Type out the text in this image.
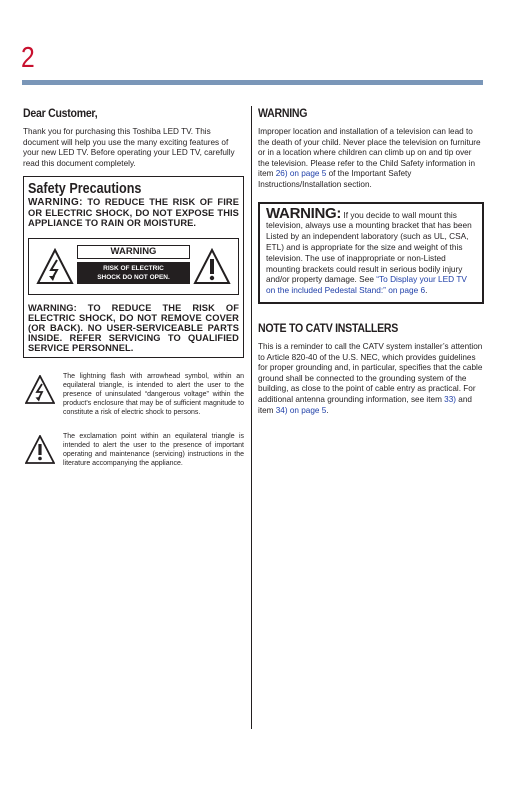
2
Dear Customer,

Thank you for purchasing this Toshiba LED TV. This document will help you use the many exciting features of your new LED TV. Before operating your LED TV, carefully read this document completely.

Safety Precautions
WARNING: TO REDUCE THE RISK OF FIRE OR ELECTRIC SHOCK, DO NOT EXPOSE THIS APPLIANCE TO RAIN OR MOISTURE.
WARNING
RISK OF ELECTRIC
SHOCK DO NOT OPEN.
WARNING: TO REDUCE THE RISK OF ELECTRIC SHOCK, DO NOT REMOVE COVER (OR BACK). NO USER-SERVICEABLE PARTS INSIDE. REFER SERVICING TO QUALIFIED SERVICE PERSONNEL.
The lightning flash with arrowhead symbol, within an equilateral triangle, is intended to alert the user to the presence of uninsulated “dangerous voltage” within the product's enclosure that may be of sufficient magnitude to constitute a risk of electric shock to persons.
The exclamation point within an equilateral triangle is intended to alert the user to the presence of important operating and maintenance (servicing) instructions in the literature accompanying the appliance.
WARNING

Improper location and installation of a television can lead to the death of your child. Never place the television on furniture or in a location where children can climb up on and tip over the television. Please refer to the Child Safety information in item 26) on page 5 of the Important Safety Instructions/Installation section.

WARNING: If you decide to wall mount this television, always use a mounting bracket that has been Listed by an independent laboratory (such as UL, CSA, ETL) and is appropriate for the size and weight of this television. The use of inappropriate or non-Listed mounting brackets could result in serious bodily injury and/or property damage. See “To Display your LED TV on the included Pedestal Stand:” on page 6.

NOTE TO CATV INSTALLERS

This is a reminder to call the CATV system installer’s attention to Article 820-40 of the U.S. NEC, which provides guidelines for proper grounding and, in particular, specifies that the cable ground shall be connected to the grounding system of the building, as close to the point of cable entry as practical. For additional antenna grounding information, see item 33) and item 34) on page 5.
